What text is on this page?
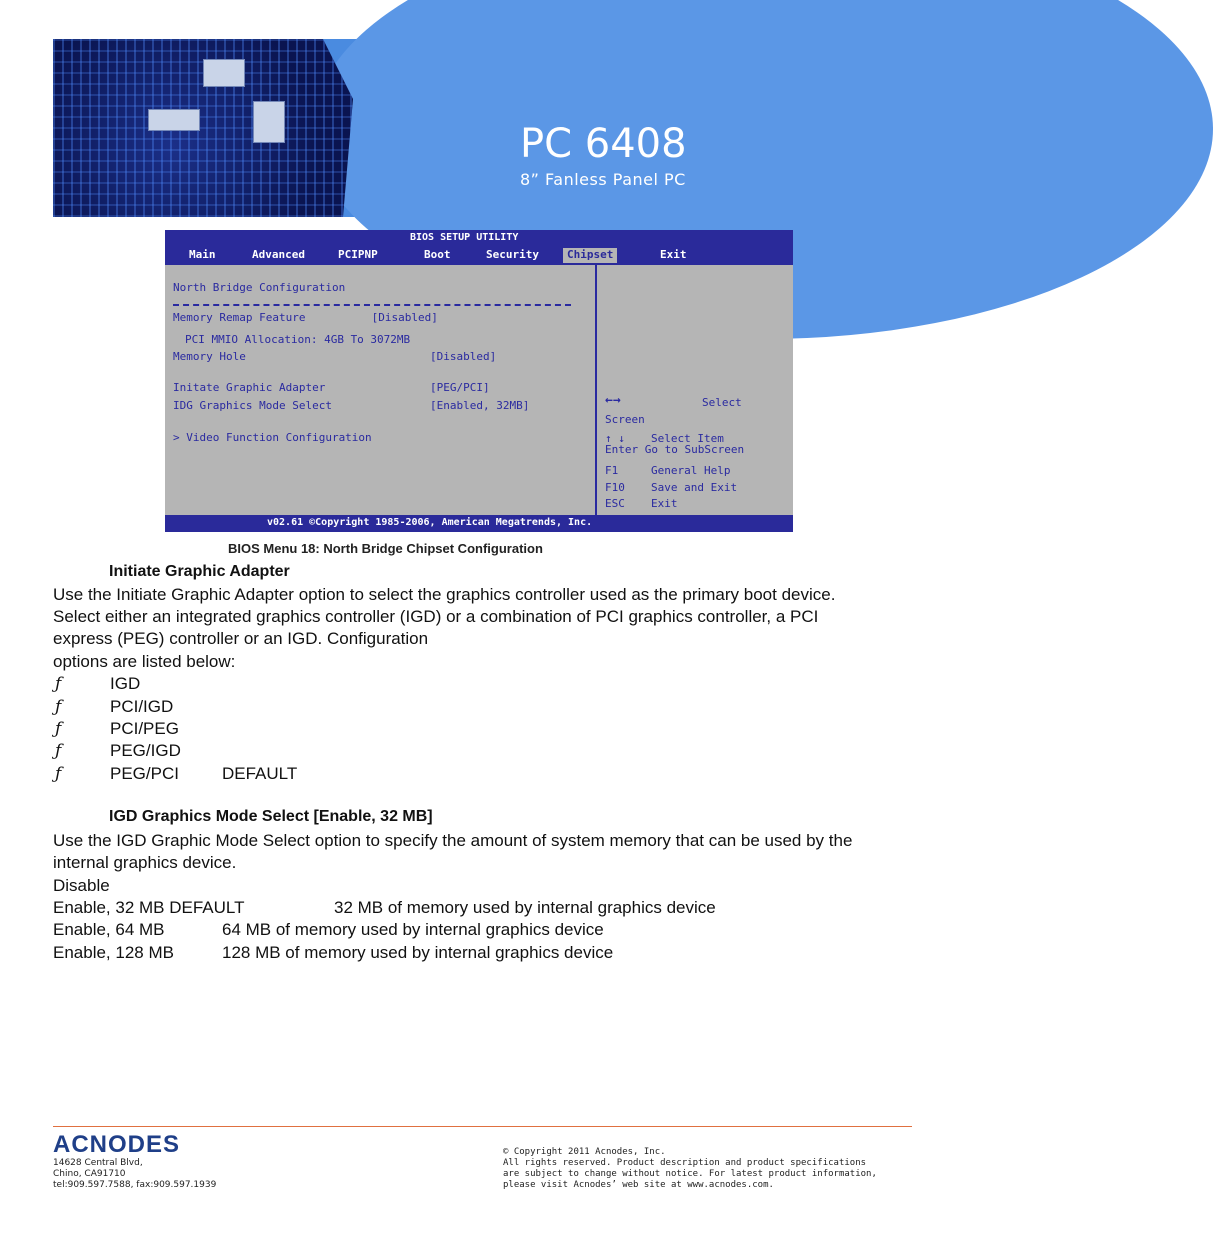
PC 6408
8” Fanless Panel PC
BIOS SETUP UTILITY
Main	Advanced	PCIPNP	Boot	Security	Chipset	Exit
North Bridge Configuration
Memory Remap Feature          [Disabled]
PCI MMIO Allocation: 4GB To 3072MB
Memory Hole	[Disabled]
Initate Graphic Adapter	[PEG/PCI]
IDG Graphics Mode Select	[Enabled, 32MB]
> Video Function Configuration
←→	Select
Screen
↑ ↓ Select Item
Enter Go to SubScreen
F1	General Help
F10 Save and Exit
ESC Exit
v02.61 ©Copyright 1985-2006, American Megatrends, Inc.
BIOS Menu 18: North Bridge Chipset Configuration
Initiate Graphic Adapter
Use the Initiate Graphic Adapter option to select the graphics controller used as the primary boot device.
Select either an integrated graphics controller (IGD) or a combination of PCI graphics controller, a PCI
express (PEG) controller or an IGD. Configuration
options are listed below:
ƒ	IGD
ƒ	PCI/IGD
ƒ	PCI/PEG
ƒ	PEG/IGD
ƒ	PEG/PCI	DEFAULT
IGD Graphics Mode Select [Enable, 32 MB]
Use the IGD Graphic Mode Select option to specify the amount of system memory that can be used by the
internal graphics device.
Disable
Enable, 32 MB DEFAULT	32 MB of memory used by internal graphics device
Enable, 64 MB	64 MB of memory used by internal graphics device
Enable, 128 MB	128 MB of memory used by internal graphics device
ACNODES
14628 Central Blvd,
Chino, CA91710
tel:909.597.7588, fax:909.597.1939
© Copyright 2011 Acnodes, Inc.
All rights reserved. Product description and product specifications
are subject to change without notice. For latest product information,
please visit Acnodes’ web site at www.acnodes.com.
